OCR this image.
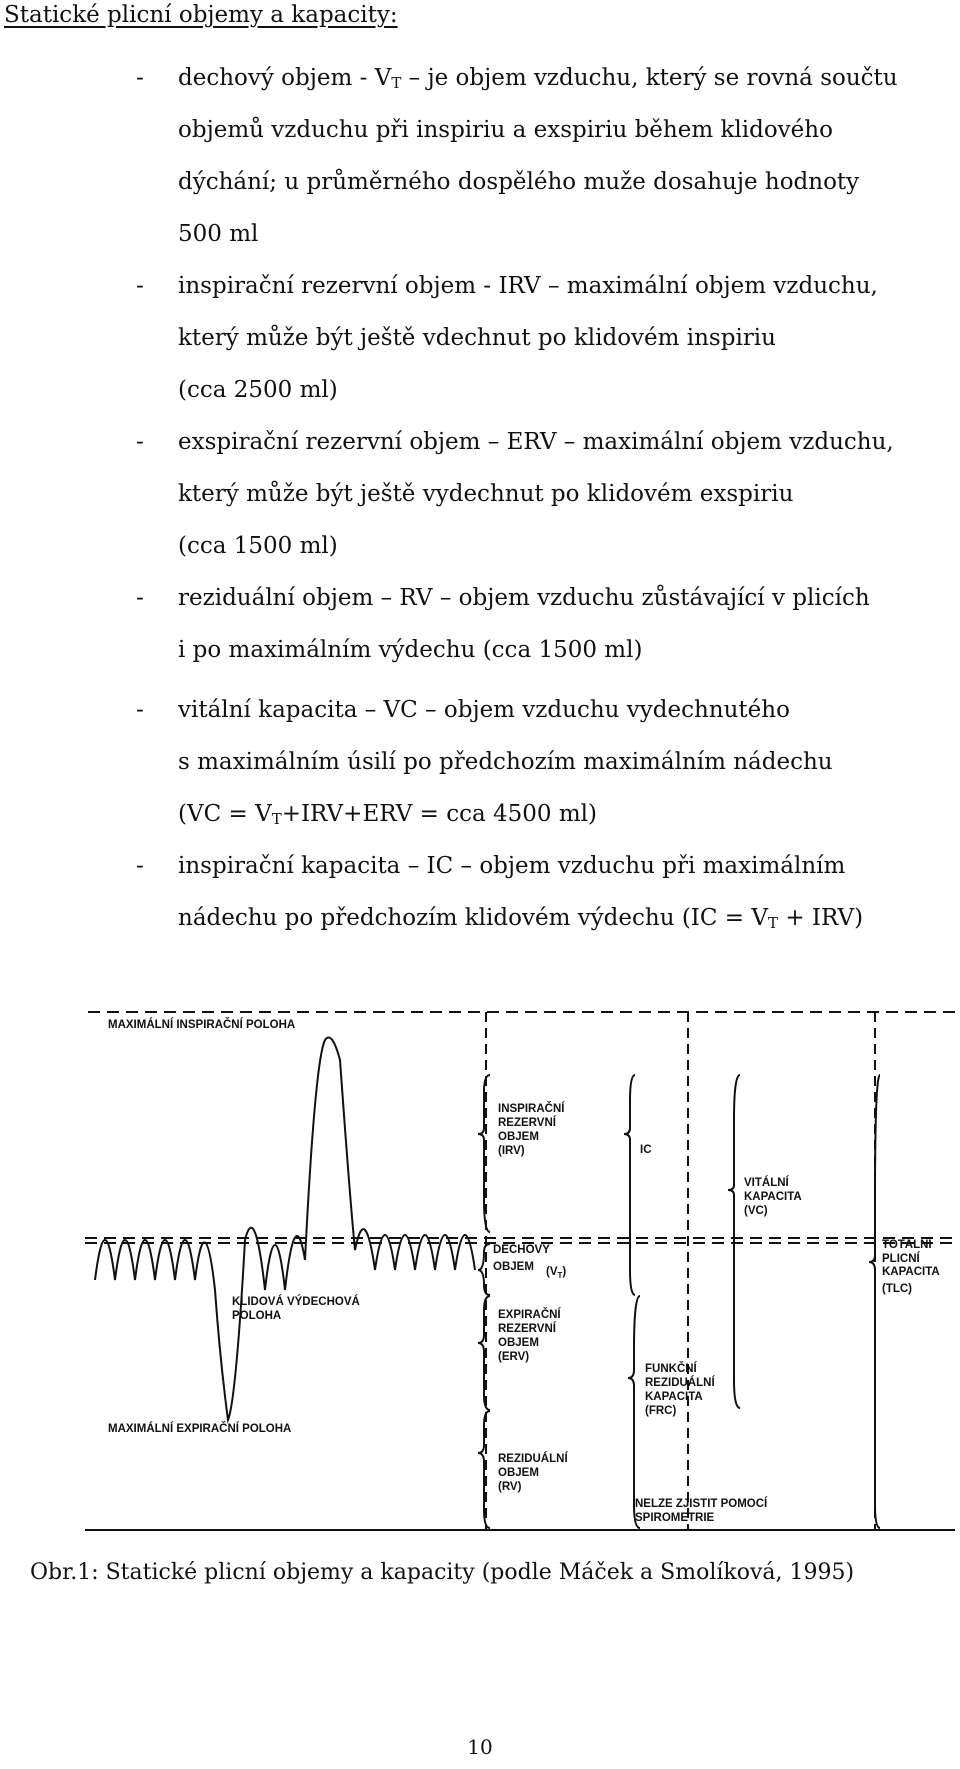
Statické plicní objemy a kapacity:
- dechový objem - $V_T$ – je objem vzduchu, který se rovná součtu
objemů vzduchu při inspiriu a exspiriu během klidového
dýchání; u průměrného dospělého muže dosahuje hodnoty
500 ml
- inspirační rezervní objem - IRV – maximální objem vzduchu,
který může být ještě vdechnut po klidovém inspiriu
(cca 2500 ml)
- exspirační rezervní objem – ERV – maximální objem vzduchu,
který může být ještě vydechnut po klidovém exspiriu
(cca 1500 ml)
- reziduální objem – RV – objem vzduchu zůstávající v plicích
i po maximálním výdechu (cca 1500 ml)
- vitální kapacita – VC – objem vzduchu vydechnutého
s maximálním úsilí po předchozím maximálním nádechu
($VC = V_T+IRV+ERV$ = cca 4500 ml)
- inspirační kapacita – IC – objem vzduchu při maximálním
nádechu po předchozím klidovém výdechu $(IC = V_T + IRV)$
MAXIMÁLNÍ INSPIRAČNÍ POLOHA
KLIDOVÁ VÝDECHOVÁ
POLOHA
MAXIMÁLNÍ EXPIRAČNÍ POLOHA
INSPIRAČNÍ
REZERVNÍ
OBJEM
(IRV)	IC
DECHOVÝ
OBJEM $(V_T)$
EXPIRAČNÍ
REZERVNÍ
OBJEM
(ERV)
REZIDUÁLNÍ
OBJEM
(RV)
VITÁLNÍ
KAPACITA
(VC)
TOTÁLNÍ
PLICNÍ
KAPACITA
(TLC)
FUNKČNÍ
REZIDUÁLNÍ
KAPACITA
(FRC)
NELZE ZJISTIT POMOCÍ
SPIROMETRIE
Obr.1: Statické plicní objemy a kapacity (podle Máček a Smolíková, 1995)
10
